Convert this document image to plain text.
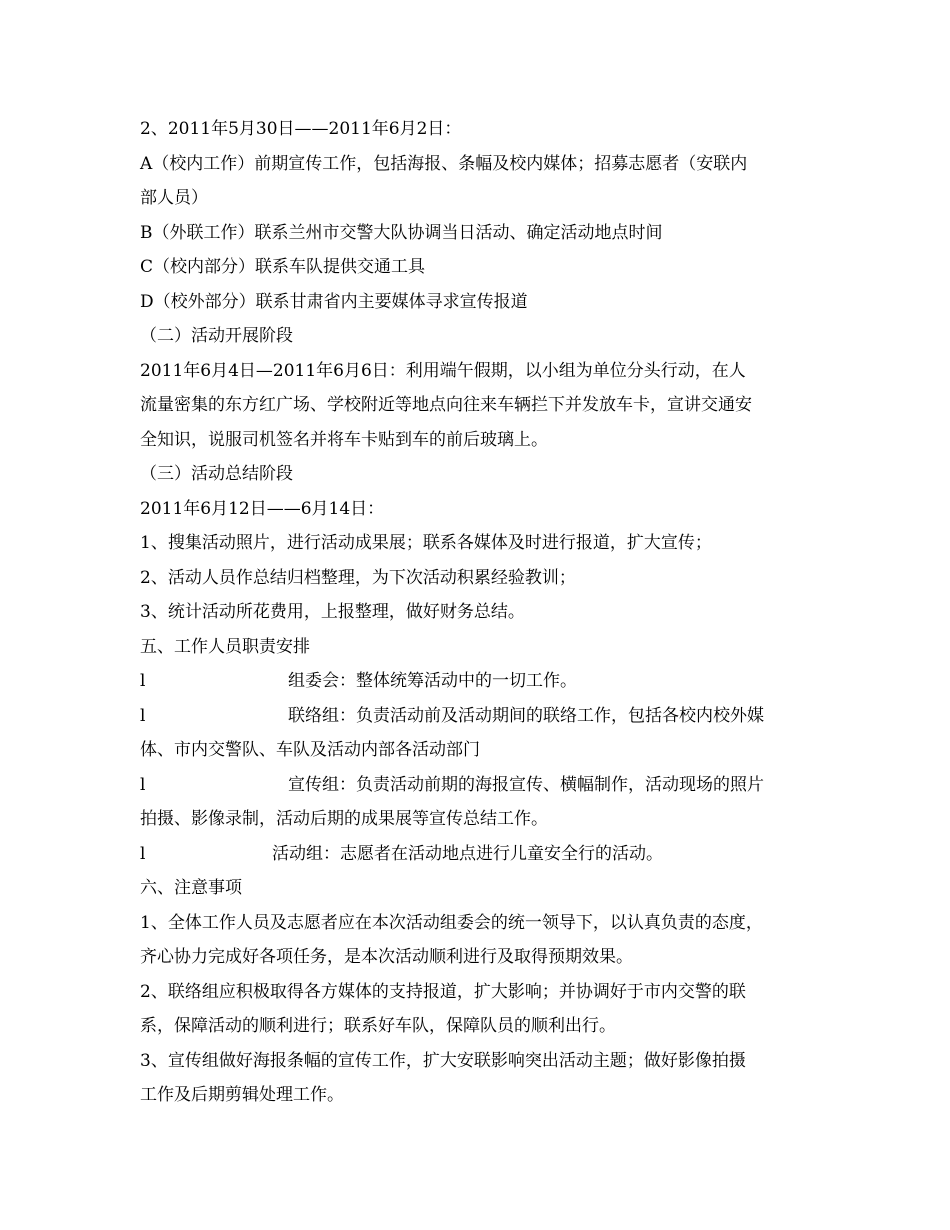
2、2011年5月30日——2011年6月2日：
A（校内工作）前期宣传工作，包括海报、条幅及校内媒体；招募志愿者（安联内
部人员）
B（外联工作）联系兰州市交警大队协调当日活动、确定活动地点时间
C（校内部分）联系车队提供交通工具
D（校外部分）联系甘肃省内主要媒体寻求宣传报道
（二）活动开展阶段
2011年6月4日—2011年6月6日：利用端午假期，以小组为单位分头行动，在人
流量密集的东方红广场、学校附近等地点向往来车辆拦下并发放车卡，宣讲交通安
全知识，说服司机签名并将车卡贴到车的前后玻璃上。
（三）活动总结阶段
2011年6月12日——6月14日：
1、搜集活动照片，进行活动成果展；联系各媒体及时进行报道，扩大宣传；
2、活动人员作总结归档整理，为下次活动积累经验教训；
3、统计活动所花费用，上报整理，做好财务总结。
五、工作人员职责安排
l	组委会：整体统筹活动中的一切工作。
l	联络组：负责活动前及活动期间的联络工作，包括各校内校外媒
体、市内交警队、车队及活动内部各活动部门
l	宣传组：负责活动前期的海报宣传、横幅制作，活动现场的照片
拍摄、影像录制，活动后期的成果展等宣传总结工作。
l	活动组：志愿者在活动地点进行儿童安全行的活动。
六、注意事项
1、全体工作人员及志愿者应在本次活动组委会的统一领导下，以认真负责的态度，
齐心协力完成好各项任务，是本次活动顺利进行及取得预期效果。
2、联络组应积极取得各方媒体的支持报道，扩大影响；并协调好于市内交警的联
系，保障活动的顺利进行；联系好车队，保障队员的顺利出行。
3、宣传组做好海报条幅的宣传工作，扩大安联影响突出活动主题；做好影像拍摄
工作及后期剪辑处理工作。
